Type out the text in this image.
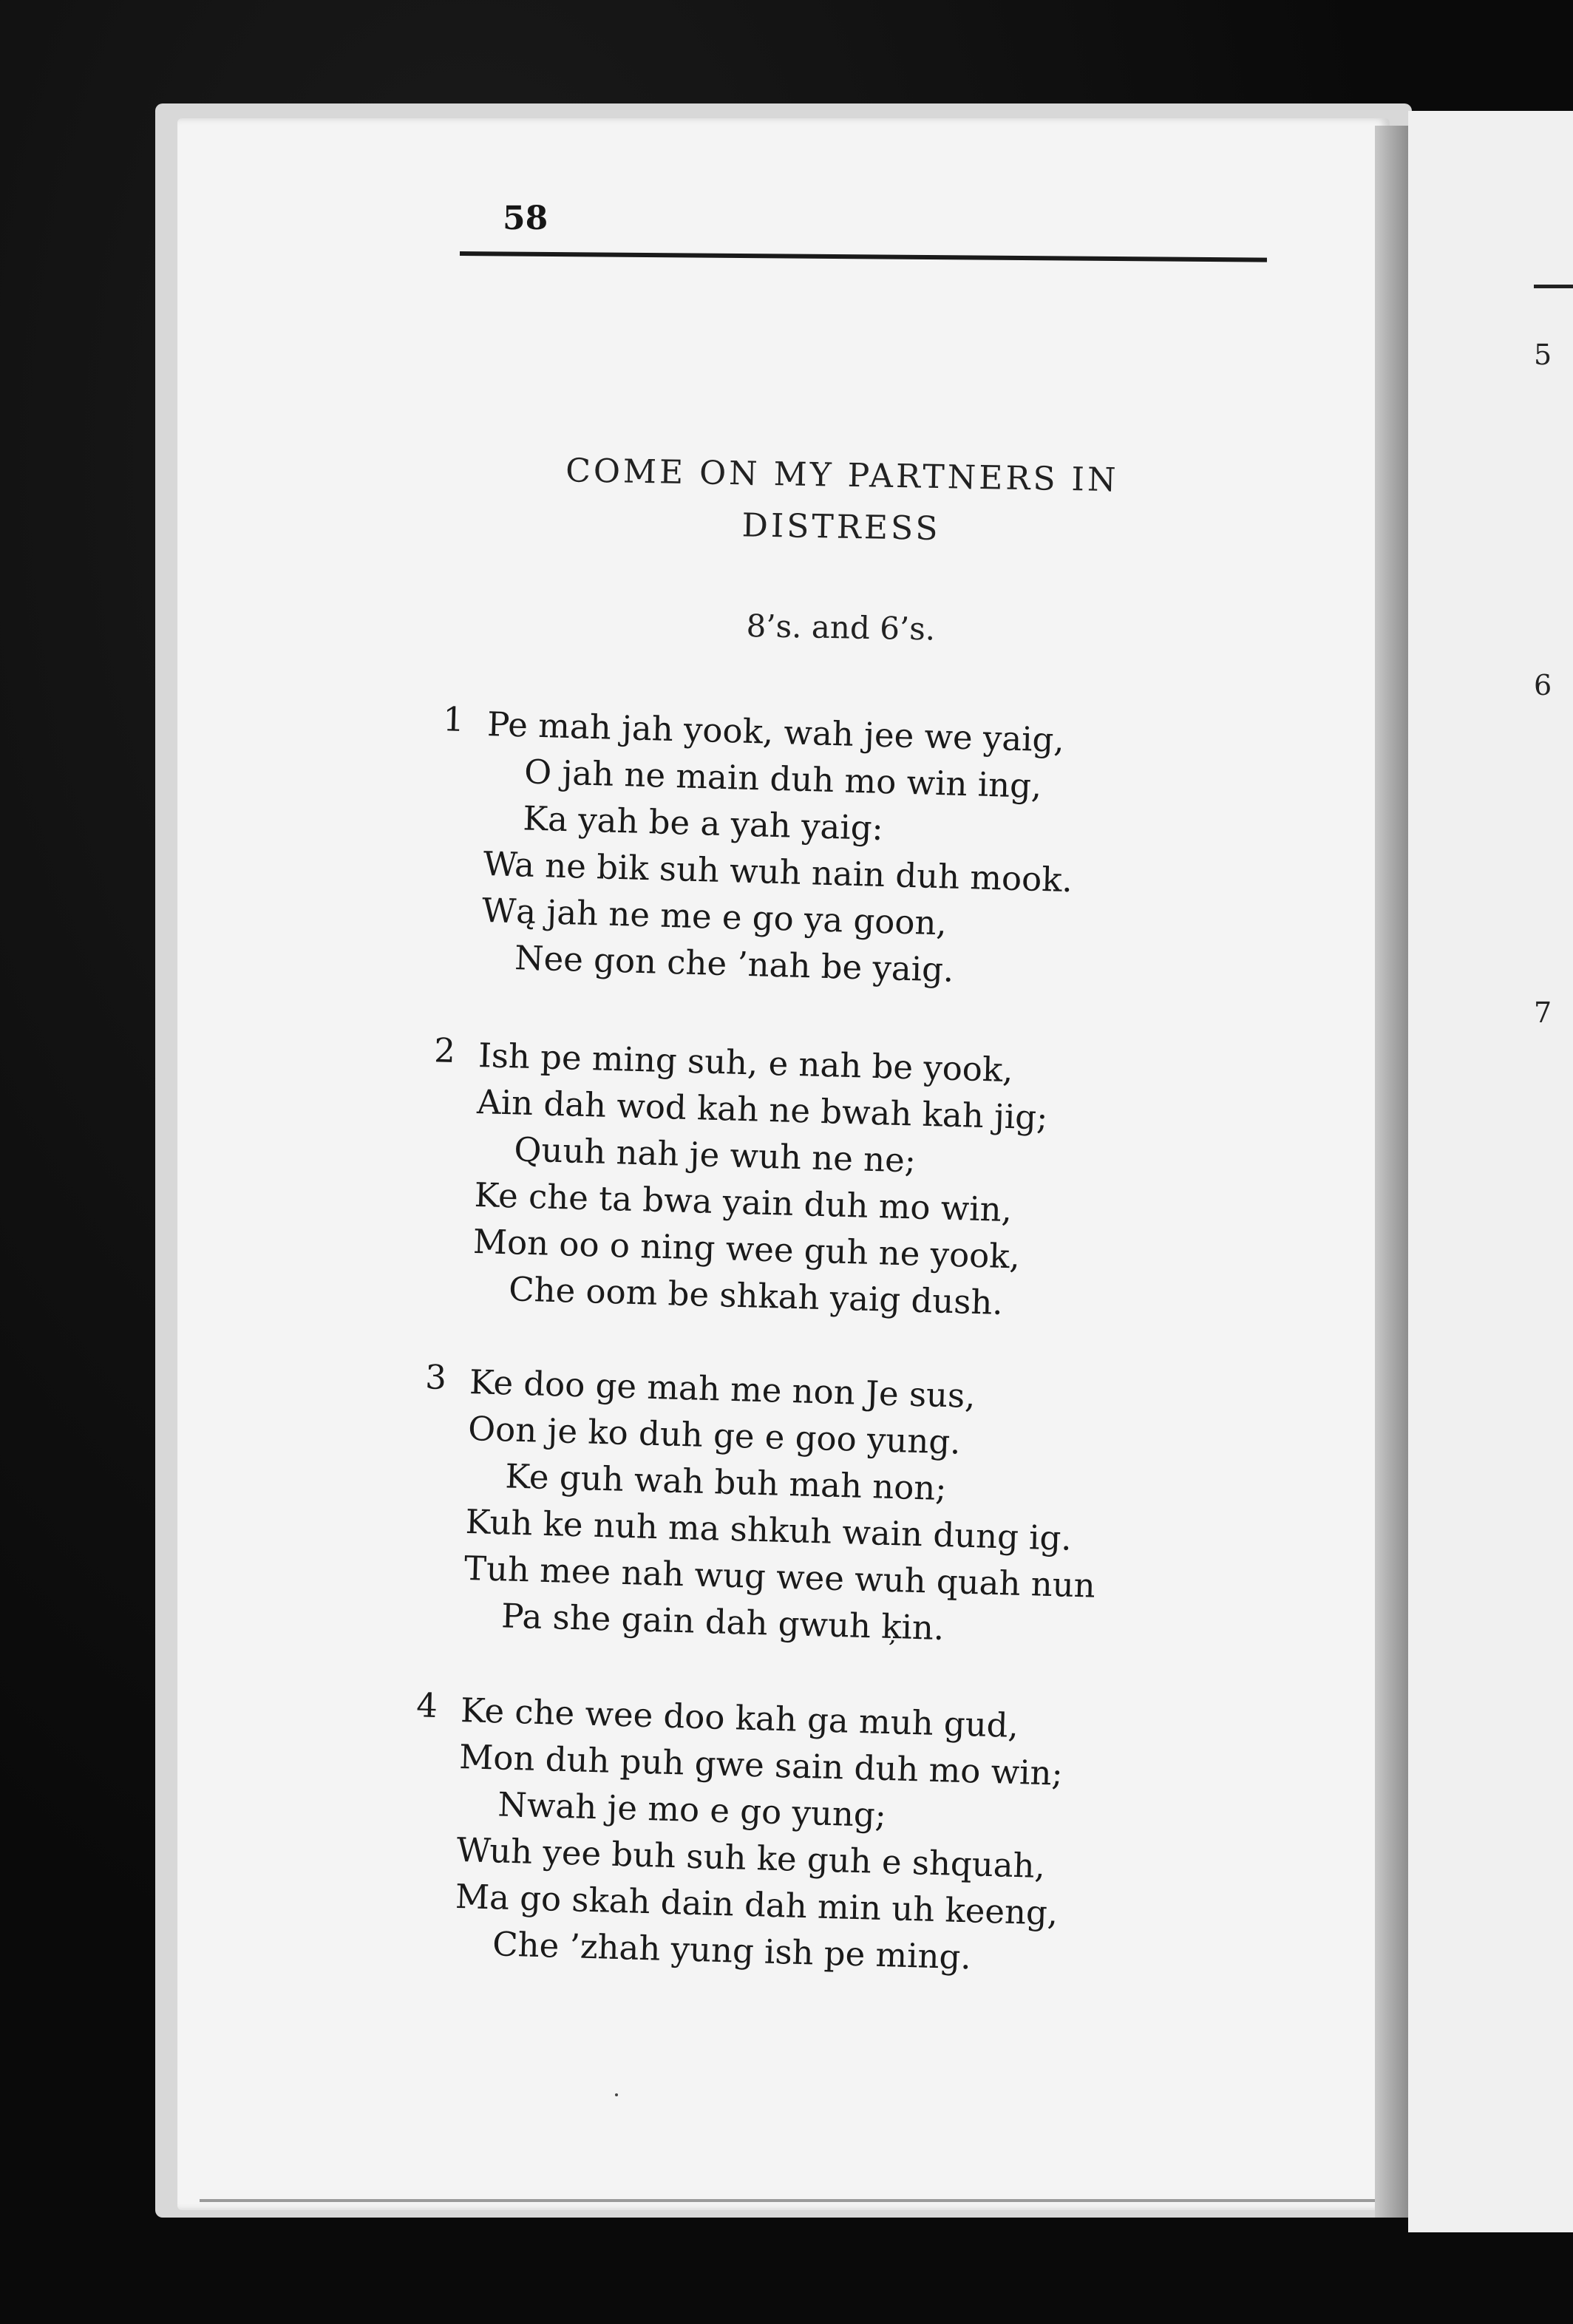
5
6
7
58
COME ON MY PARTNERS IN
DISTRESS
8’s. and 6’s.
1 Pe mah jah yook, wah jee we yaig,
O jah ne main duh mo win ing,
Ka yah be a yah yaig:
Wa ne bik suh wuh nain duh mook.
Wą jah ne me e go ya goon,
Nee gon che ’nah be yaig.
2 Ish pe ming suh, e nah be yook,
Ain dah wod kah ne bwah kah jig;
Quuh nah je wuh ne ne;
Ke che ta bwa yain duh mo win,
Mon oo o ning wee guh ne yook,
Che oom be shkah yaig dush.
3 Ke doo ge mah me non Je sus,
Oon je ko duh ge e goo yung.
Ke guh wah buh mah non;
Kuh ke nuh ma shkuh wain dung ig.
Tuh mee nah wug wee wuh quah nun
Pa she gain dah gwuh ķin.
4 Ke che wee doo kah ga muh gud,
Mon duh puh gwe sain duh mo win;
Nwah je mo e go yung;
Wuh yee buh suh ke guh e shquah,
Ma go skah dain dah min uh keeng,
Che ’zhah yung ish pe ming.
